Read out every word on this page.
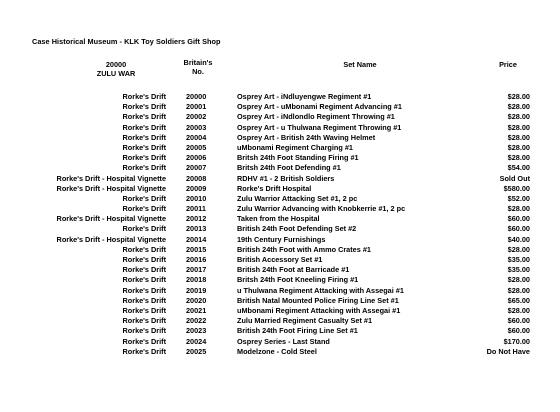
Case Historical Museum - KLK Toy Soldiers Gift Shop
20000
ZULU WAR
Britain's
No.
Set Name	Price
Rorke's Drift	20000	Osprey Art - iNdluyengwe Regiment #1	$28.00
Rorke's Drift	20001	Osprey Art - uMbonami Regiment Advancing #1	$28.00
Rorke's Drift	20002	Osprey Art - iNdlondlo Regiment Throwing #1	$28.00
Rorke's Drift	20003	Osprey Art - u Thulwana Regiment Throwing #1	$28.00
Rorke's Drift	20004	Osprey Art - British 24th Waving Helmet	$28.00
Rorke's Drift	20005	uMbonami Regiment Charging #1	$28.00
Rorke's Drift	20006	Britsh 24th Foot Standing Firing #1	$28.00
Rorke's Drift	20007	Britsh 24th Foot Defending #1	$54.00
Rorke's Drift - Hospital Vignette	20008	RDHV #1 - 2 British Soldiers	Sold Out
Rorke's Drift - Hospital Vignette	20009	Rorke's Drift Hospital	$580.00
Rorke's Drift	20010	Zulu Warrior Attacking Set #1, 2 pc	$52.00
Rorke's Drift	20011	Zulu Warrior Advancing with Knobkerrie #1, 2 pc	$28.00
Rorke's Drift - Hospital Vignette	20012	Taken from the Hospital	$60.00
Rorke's Drift	20013	British 24th Foot Defending Set #2	$60.00
Rorke's Drift - Hospital Vignette	20014	19th Century Furnishings	$40.00
Rorke's Drift	20015	British 24th Foot with Ammo Crates #1	$28.00
Rorke's Drift	20016	British Accessory Set #1	$35.00
Rorke's Drift	20017	British 24th Foot at Barricade #1	$35.00
Rorke's Drift	20018	Britsh 24th Foot Kneeling Firing #1	$28.00
Rorke's Drift	20019	u Thulwana Regiment Attacking with Assegai #1	$28.00
Rorke's Drift	20020	British Natal Mounted Police Firing Line Set #1	$65.00
Rorke's Drift	20021	uMbonami Regiment Attacking with Assegai #1	$28.00
Rorke's Drift	20022	Zulu Married Regiment Casualty Set #1	$60.00
Rorke's Drift	20023	British 24th Foot Firing Line Set #1	$60.00
Rorke's Drift	20024	Osprey Series - Last Stand	$170.00
Rorke's Drift	20025	Modelzone - Cold Steel	Do Not Have
